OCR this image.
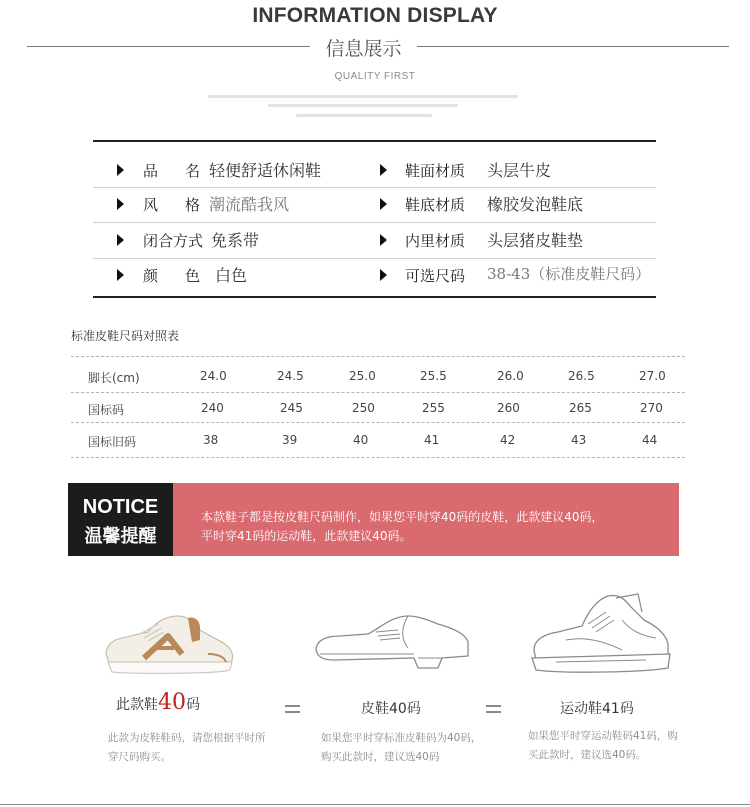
INFORMATION DISPLAY
信息展示
QUALITY FIRST
品 名 轻便舒适休闲鞋	鞋面材质 头层牛皮
风 格 潮流酷我风	鞋底材质 橡胶发泡鞋底
闭合方式 免系带	内里材质 头层猪皮鞋垫
颜 色 白色	可选尺码 38-43（标准皮鞋尺码）
标准皮鞋尺码对照表
脚长(cm)	24.0	24.5	25.0	25.5	26.0	26.5	27.0
国标码	240	245	250	255	260	265	270
国标旧码	38	39	40	41	42	43	44
NOTICE
温馨提醒
本款鞋子都是按皮鞋尺码制作，如果您平时穿40码的皮鞋，此款建议40码，
平时穿41码的运动鞋，此款建议40码。
此款鞋40码
此款为皮鞋鞋码，请您根据平时所
穿尺码购买。
皮鞋40码
如果您平时穿标准皮鞋码为40码，
购买此款时，建议选40码
运动鞋41码
如果您平时穿运动鞋码41码，购
买此款时，建议选40码。
